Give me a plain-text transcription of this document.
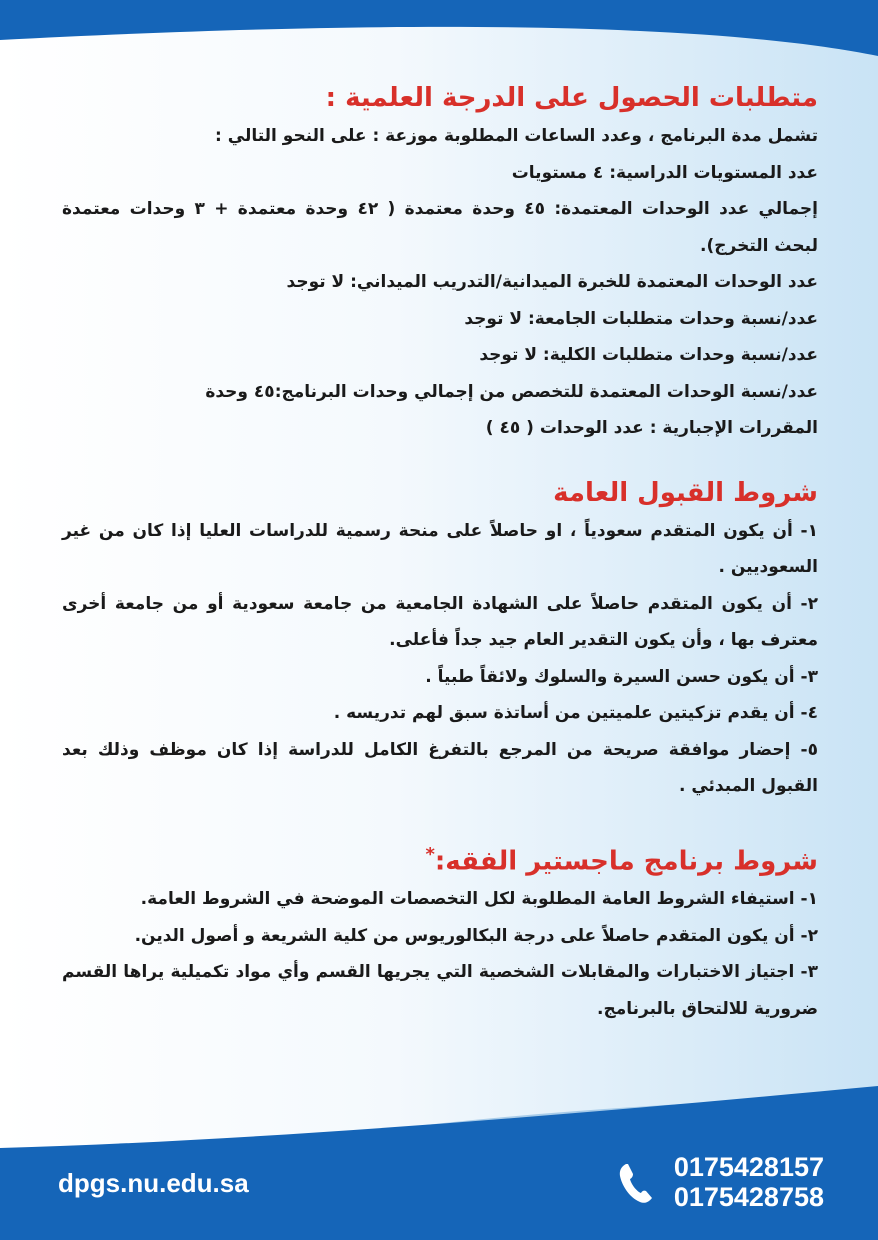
متطلبات الحصول على الدرجة العلمية :
تشمل مدة البرنامج ، وعدد الساعات المطلوبة موزعة : على النحو التالي :
عدد المستويات الدراسية: ٤ مستويات
إجمالي عدد الوحدات المعتمدة: ٤٥ وحدة معتمدة ( ٤٢ وحدة معتمدة + ٣ وحدات معتمدة لبحث التخرج).
عدد الوحدات المعتمدة للخبرة الميدانية/التدريب الميداني: لا توجد
عدد/نسبة وحدات متطلبات الجامعة: لا توجد
عدد/نسبة وحدات متطلبات الكلية: لا توجد
عدد/نسبة الوحدات المعتمدة للتخصص من إجمالي وحدات البرنامج:٤٥ وحدة
المقررات الإجبارية : عدد الوحدات ( ٤٥ )
شروط القبول العامة
١- أن يكون المتقدم سعودياً ، او حاصلاً على منحة رسمية للدراسات العليا إذا كان من غير السعوديين .
٢- أن يكون المتقدم حاصلاً على الشهادة الجامعية من جامعة سعودية أو من جامعة أخرى معترف بها ، وأن يكون التقدير العام جيد جداً فأعلى.
٣- أن يكون حسن السيرة والسلوك ولائقاً طبياً .
٤- أن يقدم تزكيتين علميتين من أساتذة سبق لهم تدريسه .
٥- إحضار موافقة صريحة من المرجع بالتفرغ الكامل للدراسة إذا كان موظف وذلك بعد القبول المبدئي .
شروط برنامج ماجستير الفقه:*
١- استيفاء الشروط العامة المطلوبة لكل التخصصات الموضحة في الشروط العامة.
٢- أن يكون المتقدم حاصلاً على درجة البكالوريوس من كلية الشريعة و أصول الدين.
٣- اجتياز الاختبارات والمقابلات الشخصية التي يجريها القسم وأي مواد تكميلية يراها القسم ضرورية للالتحاق بالبرنامج.
dpgs.nu.edu.sa
0175428157
0175428758
